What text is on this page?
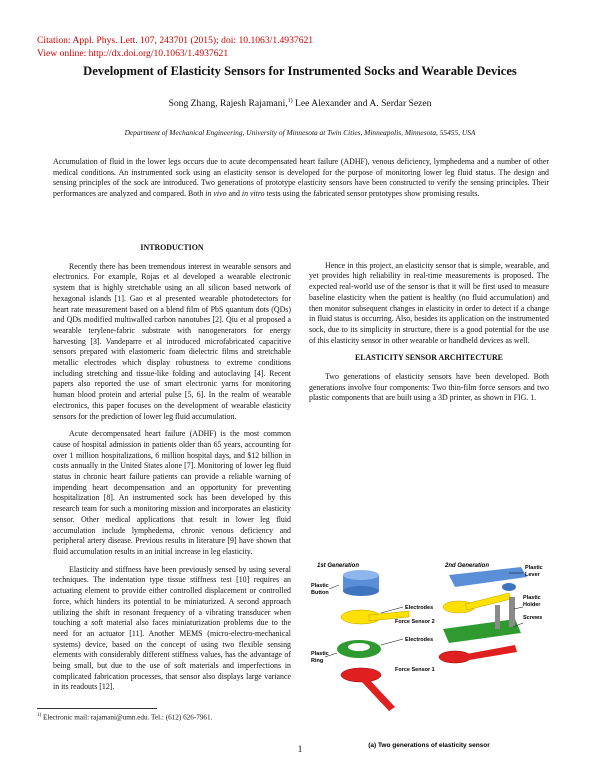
Citation: Appl. Phys. Lett. 107, 243701 (2015); doi: 10.1063/1.4937621
View online: http://dx.doi.org/10.1063/1.4937621
Development of Elasticity Sensors for Instrumented Socks and Wearable Devices
Song Zhang, Rajesh Rajamani,$^{1)}$ Lee Alexander and A. Serdar Sezen
Department of Mechanical Engineering, University of Minnesota at Twin Cities, Minneapolis, Minnesota, 55455, USA
Accumulation of fluid in the lower legs occurs due to acute decompensated heart failure (ADHF), venous deficiency, lymphedema and a number of other medical conditions. An instrumented sock using an elasticity sensor is developed for the purpose of monitoring lower leg fluid status. The design and sensing principles of the sock are introduced. Two generations of prototype elasticity sensors have been constructed to verify the sensing principles. Their performances are analyzed and compared. Both in vivo and in vitro tests using the fabricated sensor prototypes show promising results.
INTRODUCTION

Recently there has been tremendous interest in wearable sensors and electronics. For example, Rojas et al developed a wearable electronic system that is highly stretchable using an all silicon based network of hexagonal islands [1]. Gao et al presented wearable photodetectors for heart rate measurement based on a blend film of PbS quantum dots (QDs) and QDs modified multiwalled carbon nanotubes [2]. Qiu et al proposed a wearable terylene-fabric substrate with nanogenerators for energy harvesting [3]. Vandeparre et al introduced microfabricated capacitive sensors prepared with elastomeric foam dielectric films and stretchable metallic electrodes which display robustness to extreme conditions including stretching and tissue-like folding and autoclaving [4]. Recent papers also reported the use of smart electronic yarns for monitoring human blood protein and arterial pulse [5, 6]. In the realm of wearable electronics, this paper focuses on the development of wearable elasticity sensors for the prediction of lower leg fluid accumulation.

Acute decompensated heart failure (ADHF) is the most common cause of hospital admission in patients older than 65 years, accounting for over 1 million hospitalizations, 6 million hospital days, and $12 billion in costs annually in the United States alone [7]. Monitoring of lower leg fluid status in chronic heart failure patients can provide a reliable warning of impending heart decompensation and an opportunity for preventing hospitalization [8]. An instrumented sock has been developed by this research team for such a monitoring mission and incorporates an elasticity sensor. Other medical applications that result in lower leg fluid accumulation include lymphedema, chronic venous deficiency and peripheral artery disease. Previous results in literature [9] have shown that fluid accumulation results in an initial increase in leg elasticity.

Elasticity and stiffness have been previously sensed by using several techniques. The indentation type tissue stiffness test [10] requires an actuating element to provide either controlled displacement or controlled force, which hinders its potential to be miniaturized. A second approach utilizing the shift in resonant frequency of a vibrating transducer when touching a soft material also faces miniaturization problems due to the need for an actuator [11]. Another MEMS (micro-electro-mechanical systems) device, based on the concept of using two flexible sensing elements with considerably different stiffness values, has the advantage of being small, but due to the use of soft materials and imperfections in complicated fabrication processes, that sensor also displays large variance in its readouts [12].

Hence in this project, an elasticity sensor that is simple, wearable, and yet provides high reliability in real-time measurements is proposed. The expected real-world use of the sensor is that it will be first used to measure baseline elasticity when the patient is healthy (no fluid accumulation) and then monitor subsequent changes in elasticity in order to detect if a change in fluid status is occurring. Also, besides its application on the instrumented sock, due to its simplicity in structure, there is a good potential for the use of this elasticity sensor in other wearable or handheld devices as well.

ELASTICITY SENSOR ARCHITECTURE

Two generations of elasticity sensors have been developed. Both generations involve four components: Two thin-film force sensors and two plastic components that are built using a 3D printer, as shown in FIG. 1.

1st Generation	2nd Generation
Plastic Button
Electrodes
Force Sensor 2
Electrodes
Plastic Ring
Force Sensor 1
Plastic Lever
Plastic Holder
Screws
(a) Two generations of elasticity sensor
$^{1)}$ Electronic mail: rajamani@umn.edu. Tel.: (612) 626-7961.
1
